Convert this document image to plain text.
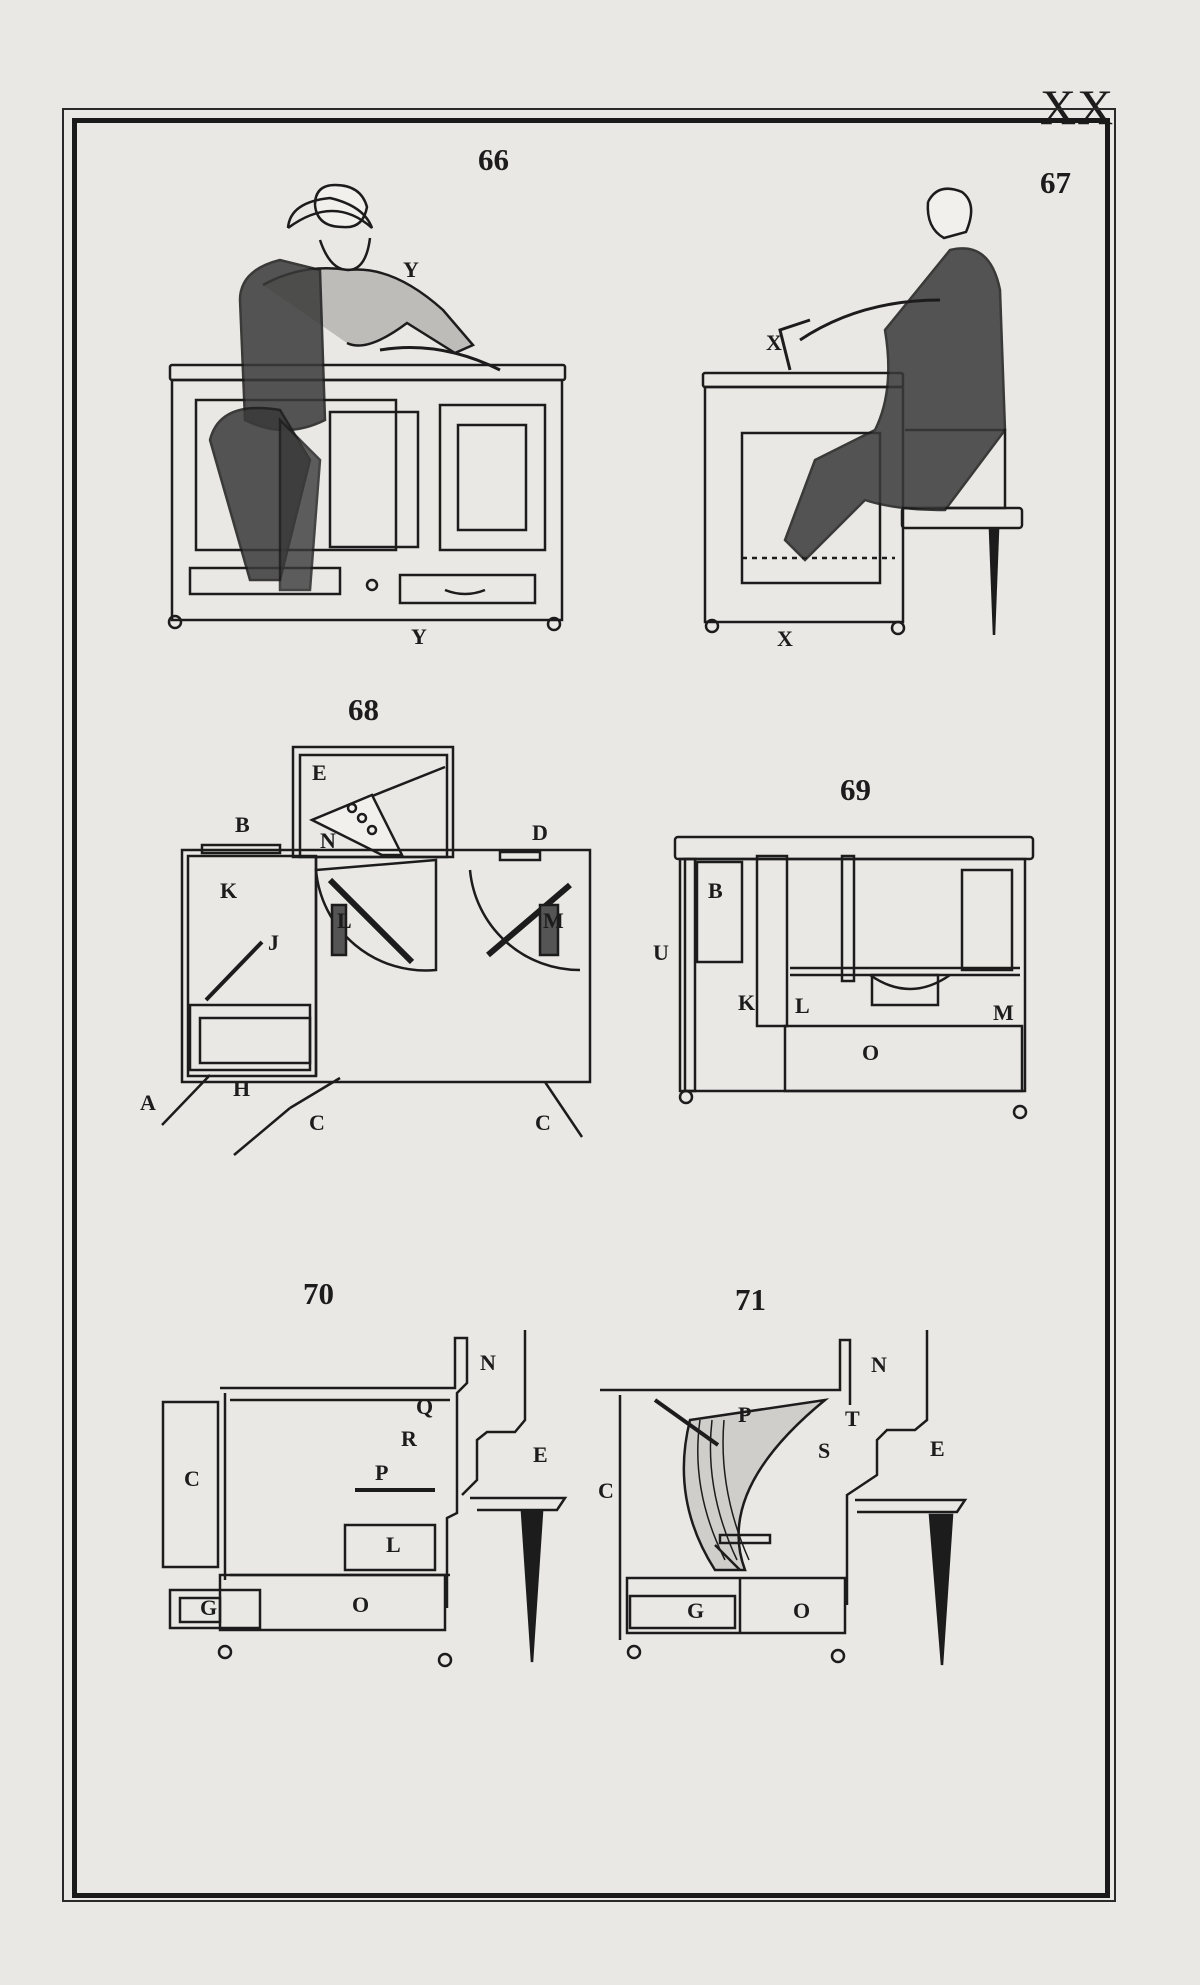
XX
66
67
68
69
70	71
Y
Y
X
X
E
B
N	D
K
L	M
J
A
H
C	C
B
U
K L	M
O
N
Q
R
E
C	P
L
G	O
N
P	T
S	E
C
G	O
